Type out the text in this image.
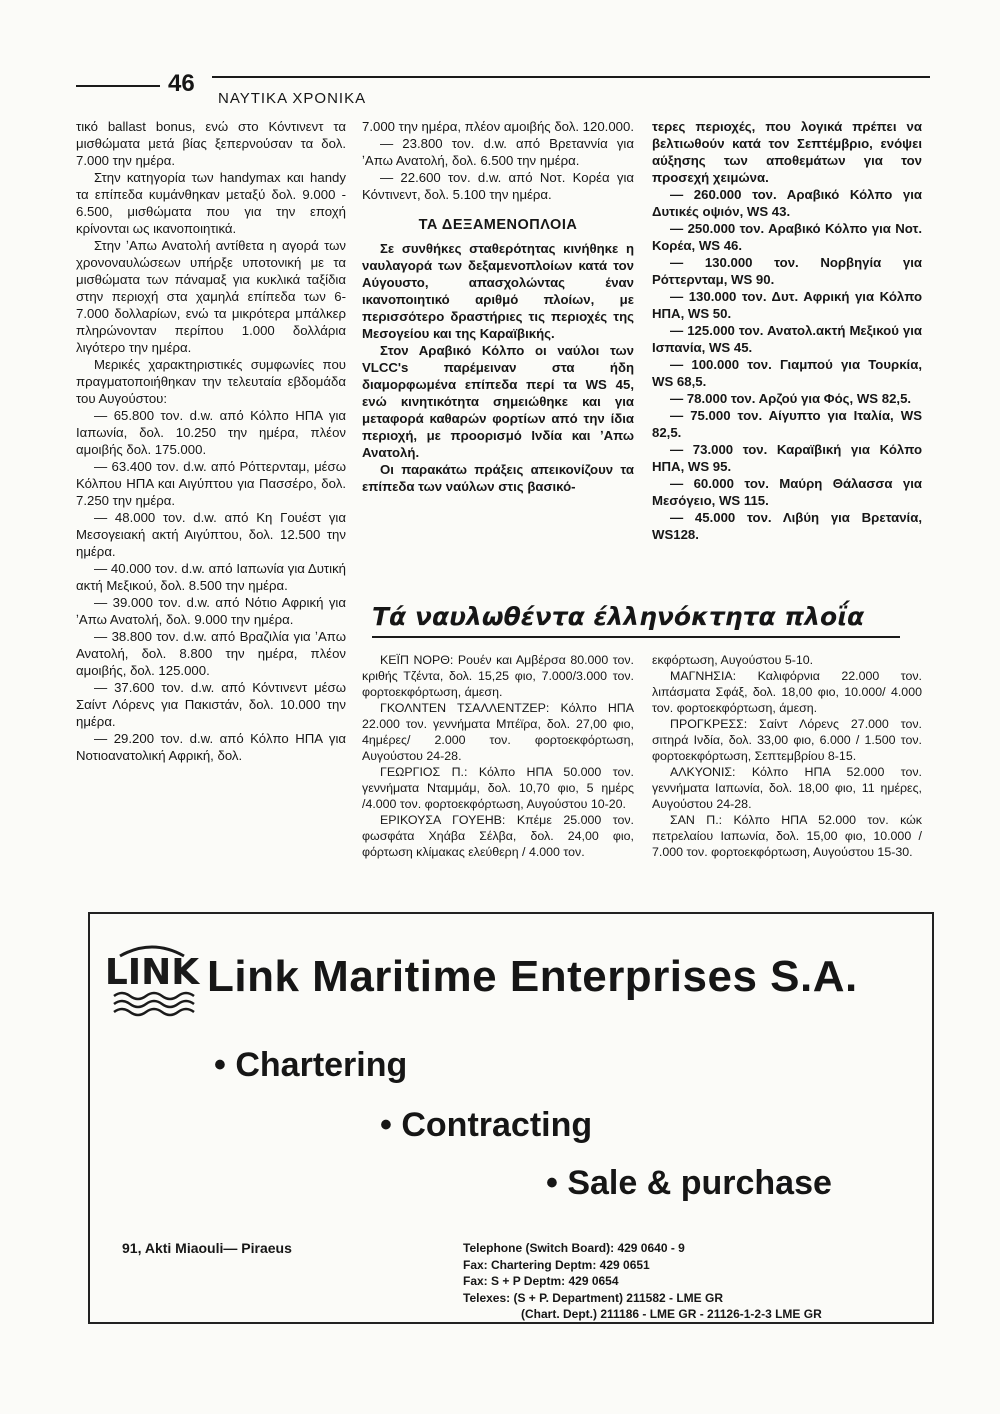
46
ΝΑΥΤΙΚΑ ΧΡΟΝΙΚΑ

τικό ballast bonus, ενώ στο Κόντινεντ τα μισθώματα μετά βίας ξεπερνούσαν τα δολ. 7.000 την ημέρα.

Στην κατηγορία των handymax και handy τα επίπεδα κυμάνθηκαν μεταξύ δολ. 9.000 - 6.500, μισθώματα που για την εποχή κρίνονται ως ικανοποιητικά.

Στην ʼΑπω Ανατολή αντίθετα η αγορά των χρονοναυλώσεων υπήρξε υποτονική με τα μισθώματα των πάναμαξ για κυκλικά ταξίδια στην περιοχή στα χαμηλά επίπεδα των 6-7.000 δολλαρίων, ενώ τα μικρότερα μπάλκερ πληρώνονταν περίπου 1.000 δολλάρια λιγότερο την ημέρα.

Μερικές χαρακτηριστικές συμφωνίες που πραγματοποιήθηκαν την τελευταία εβδομάδα του Αυγούστου:

— 65.800 τον. d.w. από Κόλπο ΗΠΑ για Ιαπωνία, δολ. 10.250 την ημέρα, πλέον αμοιβής δολ. 175.000.

— 63.400 τον. d.w. από Ρόττερνταμ, μέσω Κόλπου ΗΠΑ και Αιγύπτου για Πασσέρο, δολ. 7.250 την ημέρα.

— 48.000 τον. d.w. από Κη Γουέστ για Μεσογειακή ακτή Αιγύπτου, δολ. 12.500 την ημέρα.

— 40.000 τον. d.w. από Ιαπωνία για Δυτική ακτή Μεξικού, δολ. 8.500 την ημέρα.

— 39.000 τον. d.w. από Νότιο Αφρική για ʼΑπω Ανατολή, δολ. 9.000 την ημέρα.

— 38.800 τον. d.w. από Βραζιλία για ʼΑπω Ανατολή, δολ. 8.800 την ημέρα, πλέον αμοιβής, δολ. 125.000.

— 37.600 τον. d.w. από Κόντινεντ μέσω Σαίντ Λόρενς για Πακιστάν, δολ. 10.000 την ημέρα.

— 29.200 τον. d.w. από Κόλπο ΗΠΑ για Νοτιοανατολική Αφρική, δολ.

7.000 την ημέρα, πλέον αμοιβής δολ. 120.000.

— 23.800 τον. d.w. από Βρεταννία για ʼΑπω Ανατολή, δολ. 6.500 την ημέρα.

— 22.600 τον. d.w. από Νοτ. Κορέα για Κόντινεντ, δολ. 5.100 την ημέρα.

ΤΑ ΔΕΞΑΜΕΝΟΠΛΟΙΑ

Σε συνθήκες σταθερότητας κινήθηκε η ναυλαγορά των δεξαμενοπλοίων κατά τον Αύγουστο, απασχολώντας έναν ικανοποιητικό αριθμό πλοίων, με περισσότερο δραστήριες τις περιοχές της Μεσογείου και της Καραϊβικής.

Στον Αραβικό Κόλπο οι ναύλοι των VLCC's παρέμειναν στα ήδη διαμορφωμένα επίπεδα περί τα WS 45, ενώ κινητικότητα σημειώθηκε και για μεταφορά καθαρών φορτίων από την ίδια περιοχή, με προορισμό Ινδία και ʼΑπω Ανατολή.

Οι παρακάτω πράξεις απεικονίζουν τα επίπεδα των ναύλων στις βασικό-

τερες περιοχές, που λογικά πρέπει να βελτιωθούν κατά τον Σεπτέμβριο, ενόψει αύξησης των αποθεμάτων για τον προσεχή χειμώνα.

— 260.000 τον. Αραβικό Κόλπο για Δυτικές οψιόν, WS 43.

— 250.000 τον. Αραβικό Κόλπο για Νοτ. Κορέα, WS 46.

— 130.000 τον. Νορβηγία για Ρόττερνταμ, WS 90.

— 130.000 τον. Δυτ. Αφρική για Κόλπο ΗΠΑ, WS 50.

— 125.000 τον. Ανατολ.ακτή Μεξικού για Ισπανία, WS 45.

— 100.000 τον. Γιαμπού για Τουρκία, WS 68,5.

— 78.000 τον. Αρζού για Φός, WS 82,5.

— 75.000 τον. Αίγυπτο για Ιταλία, WS 82,5.

— 73.000 τον. Καραϊβική για Κόλπο ΗΠΑ, WS 95.

— 60.000 τον. Μαύρη Θάλασσα για Μεσόγειο, WS 115.

— 45.000 τον. Λιβύη για Βρετανία, WS128.

Τά ναυλωθέντα έλληνόκτητα πλοΐα

ΚΕΪΠ ΝΟΡΘ: Ρουέν και Αμβέρσα 80.000 τον. κριθής Τζέντα, δολ. 15,25 φιο, 7.000/3.000 τον. φορτοεκφόρτωση, άμεση.

ΓΚΟΛΝΤΕΝ ΤΣΑΛΛΕΝΤΖΕΡ: Κόλπο ΗΠΑ 22.000 τον. γεννήματα Μπέϊρα, δολ. 27,00 φιο, 4ημέρες/ 2.000 τον. φορτοεκφόρτωση, Αυγούστου 24-28.

ΓΕΩΡΓΙΟΣ Π.: Κόλπο ΗΠΑ 50.000 τον. γεννήματα Νταμμάμ, δολ. 10,70 φιο, 5 ημέρς /4.000 τον. φορτοεκφόρτωση, Αυγούστου 10-20.

ΕΡΙΚΟΥΣΑ ΓΟΥΕΗΒ: Κπέμε 25.000 τον. φωσφάτα Χηάβα Σέλβα, δολ. 24,00 φιο, φόρτωση κλίμακας ελεύθερη / 4.000 τον.

εκφόρτωση, Αυγούστου 5-10.

ΜΑΓΝΗΣΙΑ: Καλιφόρνια 22.000 τον. λιπάσματα Σφάξ, δολ. 18,00 φιο, 10.000/ 4.000 τον. φορτοεκφόρτωση, άμεση.

ΠΡΟΓΚΡΕΣΣ: Σαίντ Λόρενς 27.000 τον. σιτηρά Ινδία, δολ. 33,00 φιο, 6.000 / 1.500 τον. φορτοεκφόρτωση, Σεπτεμβρίου 8-15.

ΑΛΚΥΟΝΙΣ: Κόλπο ΗΠΑ 52.000 τον. γεννήματα Ιαπωνία, δολ. 18,00 φιο, 11 ημέρες, Αυγούστου 24-28.

ΣΑΝ Π.: Κόλπο ΗΠΑ 52.000 τον. κώκ πετρελαίου Ιαπωνία, δολ. 15,00 φιο, 10.000 / 7.000 τον. φορτοεκφόρτωση, Αυγούστου 15-30.

LINK Link Maritime Enterprises S.A.
• Chartering
• Contracting
• Sale & purchase
91, Akti Miaouli— Piraeus	Telephone (Switch Board): 429 0640 - 9
Fax: Chartering Deptm: 429 0651
Fax: S + P Deptm: 429 0654
Telexes: (S + P. Department) 211582 - LME GR
(Chart. Dept.) 211186 - LME GR - 21126-1-2-3 LME GR
